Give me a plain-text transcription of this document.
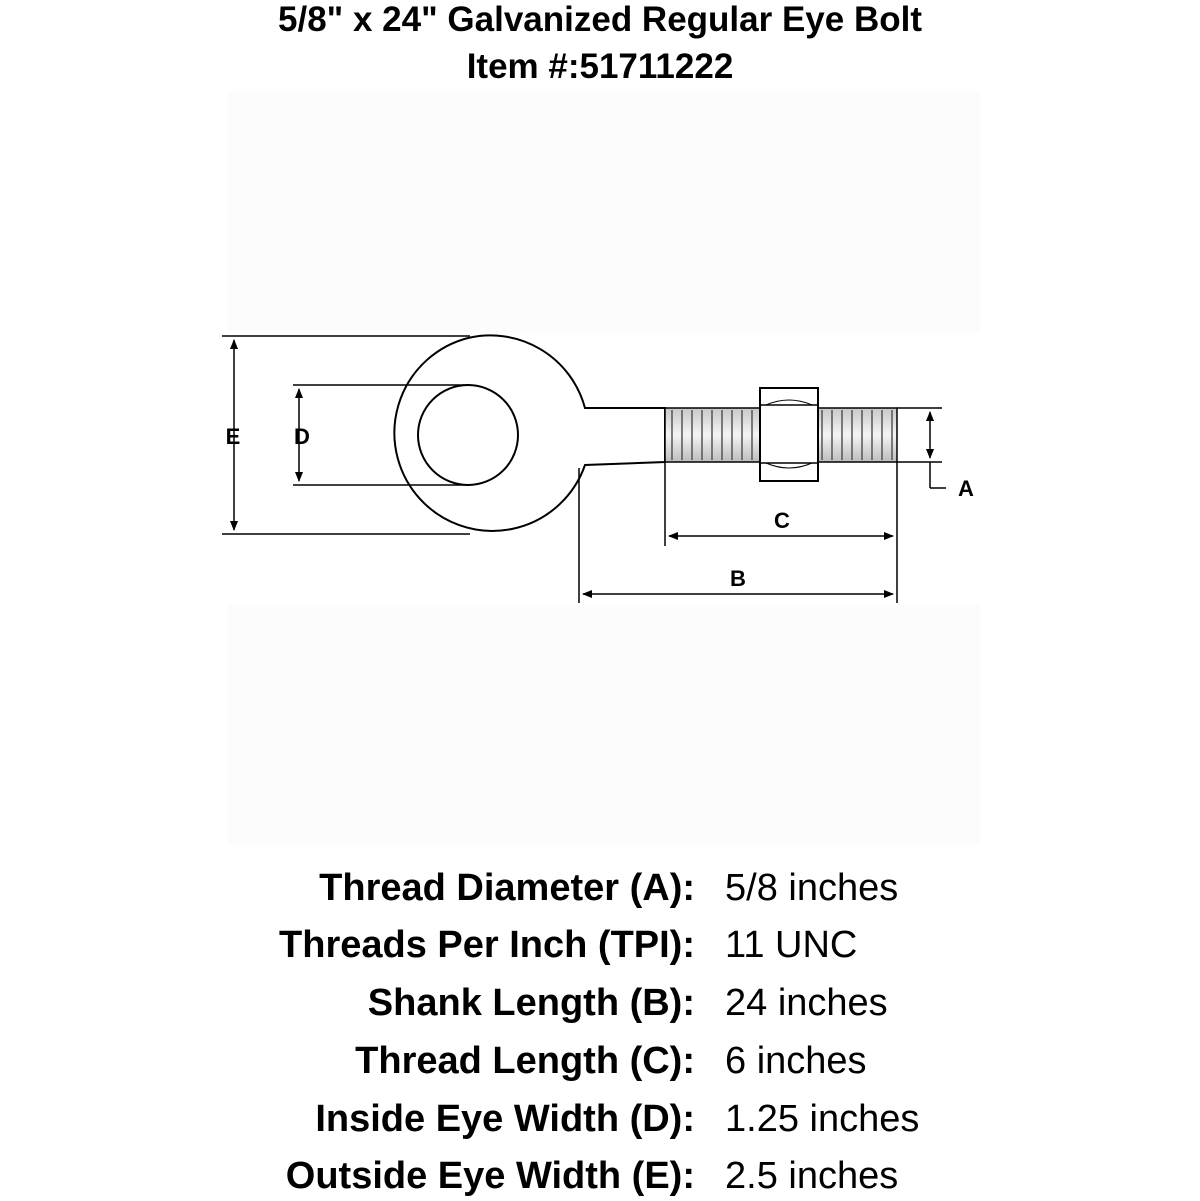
5/8" x 24" Galvanized Regular Eye Bolt
Item #:51711222
E D
A
C
B
Thread Diameter (A): 5/8 inches
Threads Per Inch (TPI): 11 UNC
Shank Length (B): 24 inches
Thread Length (C): 6 inches
Inside Eye Width (D): 1.25 inches
Outside Eye Width (E): 2.5 inches
